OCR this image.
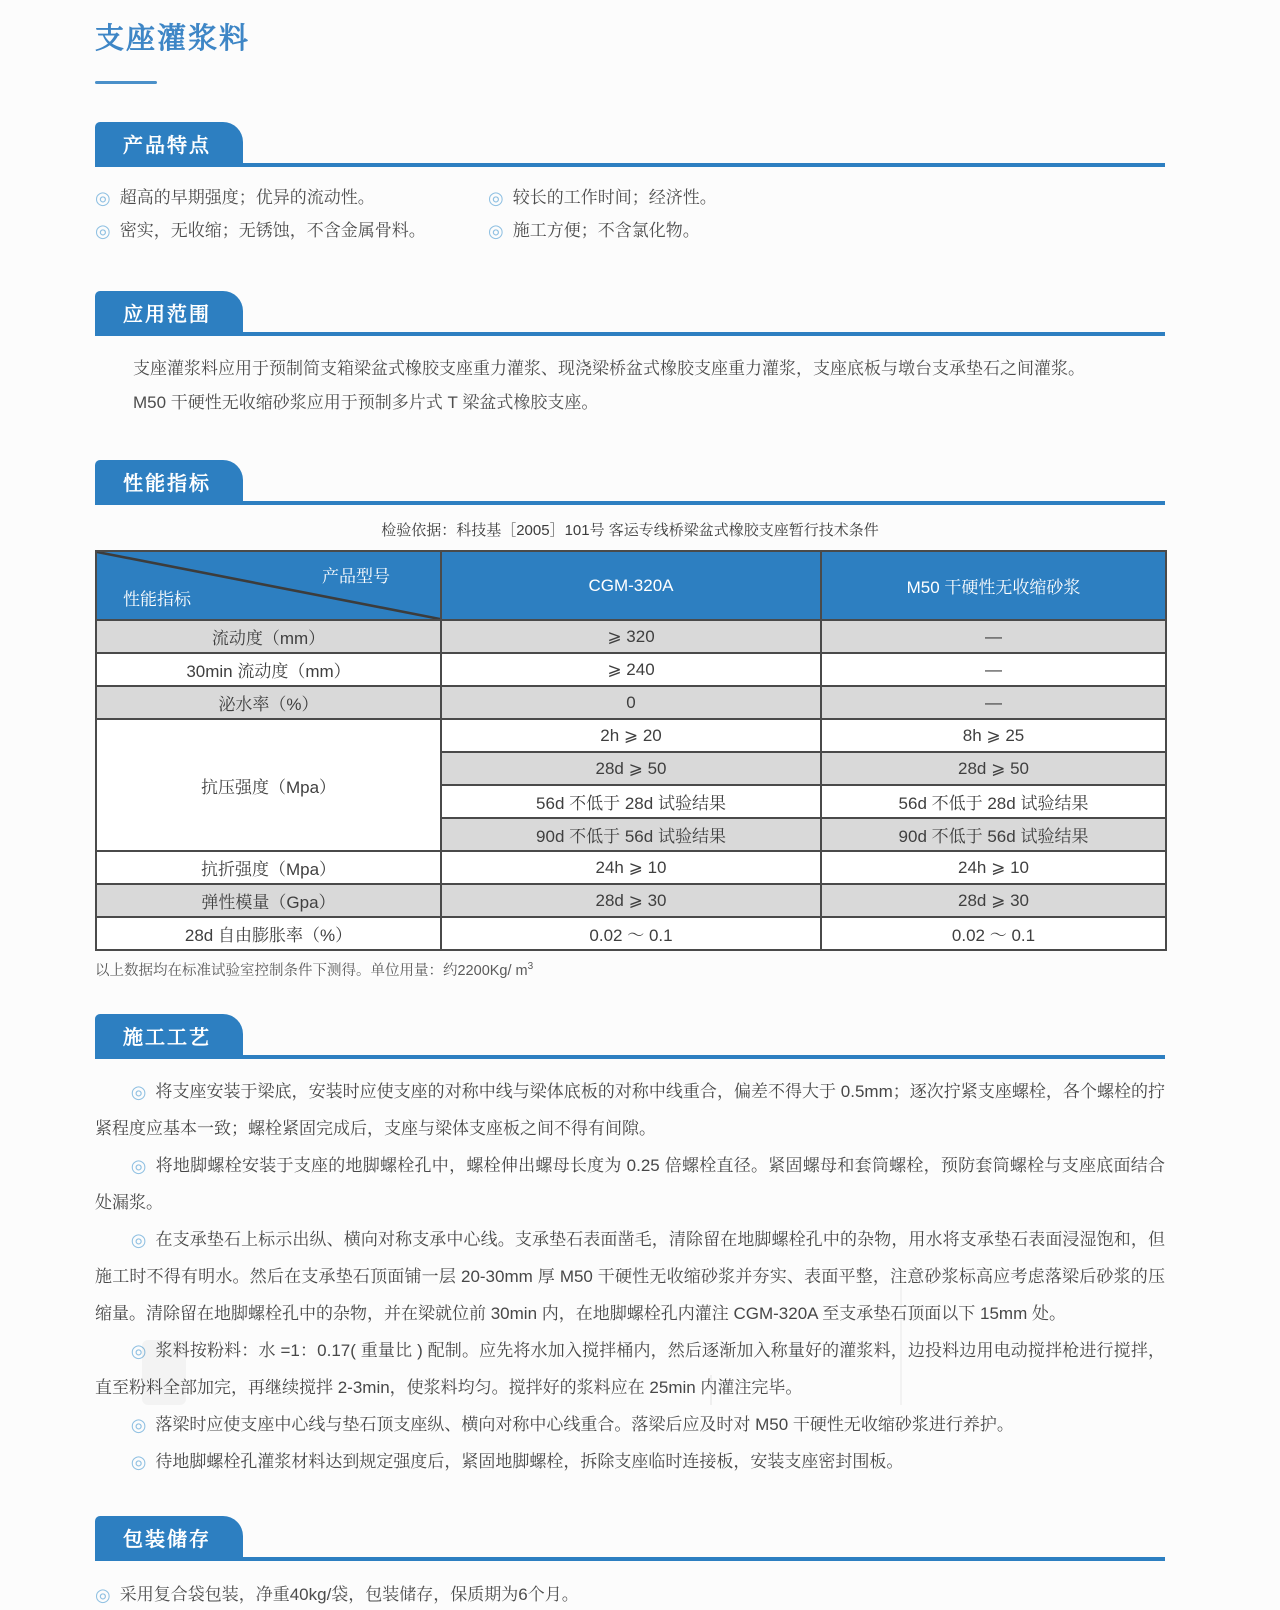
支座灌浆料
产品特点
◎ 超高的早期强度；优异的流动性。
◎ 密实，无收缩；无锈蚀，不含金属骨料。
◎ 较长的工作时间；经济性。
◎ 施工方便；不含氯化物。
应用范围
支座灌浆料应用于预制简支箱梁盆式橡胶支座重力灌浆、现浇梁桥盆式橡胶支座重力灌浆，支座底板与墩台支承垫石之间灌浆。
M50 干硬性无收缩砂浆应用于预制多片式 T 梁盆式橡胶支座。
性能指标
检验依据：科技基［2005］101号 客运专线桥梁盆式橡胶支座暂行技术条件
产品型号
性能指标	CGM-320A	M50 干硬性无收缩砂浆
流动度（mm）	⩾ 320	—
30min 流动度（mm）	⩾ 240	—
泌水率（%）	0	—
抗压强度（Mpa）	2h ⩾ 20	8h ⩾ 25
	28d ⩾ 50	28d ⩾ 50
	56d 不低于 28d 试验结果	56d 不低于 28d 试验结果
	90d 不低于 56d 试验结果	90d 不低于 56d 试验结果
抗折强度（Mpa）	24h ⩾ 10	24h ⩾ 10
弹性模量（Gpa）	28d ⩾ 30	28d ⩾ 30
28d 自由膨胀率（%）	0.02 ～ 0.1	0.02 ～ 0.1
以上数据均在标准试验室控制条件下测得。单位用量：约2200Kg/ $m^3$
施工工艺

◎ 将支座安装于梁底，安装时应使支座的对称中线与梁体底板的对称中线重合，偏差不得大于 0.5mm；逐次拧紧支座螺栓，各个螺栓的拧紧程度应基本一致；螺栓紧固完成后，支座与梁体支座板之间不得有间隙。

◎ 将地脚螺栓安装于支座的地脚螺栓孔中，螺栓伸出螺母长度为 0.25 倍螺栓直径。紧固螺母和套筒螺栓，预防套筒螺栓与支座底面结合处漏浆。

◎ 在支承垫石上标示出纵、横向对称支承中心线。支承垫石表面凿毛，清除留在地脚螺栓孔中的杂物，用水将支承垫石表面浸湿饱和，但施工时不得有明水。然后在支承垫石顶面铺一层 20-30mm 厚 M50 干硬性无收缩砂浆并夯实、表面平整，注意砂浆标高应考虑落梁后砂浆的压缩量。清除留在地脚螺栓孔中的杂物，并在梁就位前 30min 内，在地脚螺栓孔内灌注 CGM-320A 至支承垫石顶面以下 15mm 处。

◎ 浆料按粉料：水 =1：0.17( 重量比 ) 配制。应先将水加入搅拌桶内，然后逐渐加入称量好的灌浆料，边投料边用电动搅拌枪进行搅拌，直至粉料全部加完，再继续搅拌 2-3min，使浆料均匀。搅拌好的浆料应在 25min 内灌注完毕。

◎ 落梁时应使支座中心线与垫石顶支座纵、横向对称中心线重合。落梁后应及时对 M50 干硬性无收缩砂浆进行养护。

◎ 待地脚螺栓孔灌浆材料达到规定强度后，紧固地脚螺栓，拆除支座临时连接板，安装支座密封围板。

包装储存
◎ 采用复合袋包装，净重40kg/袋，包装储存，保质期为6个月。
